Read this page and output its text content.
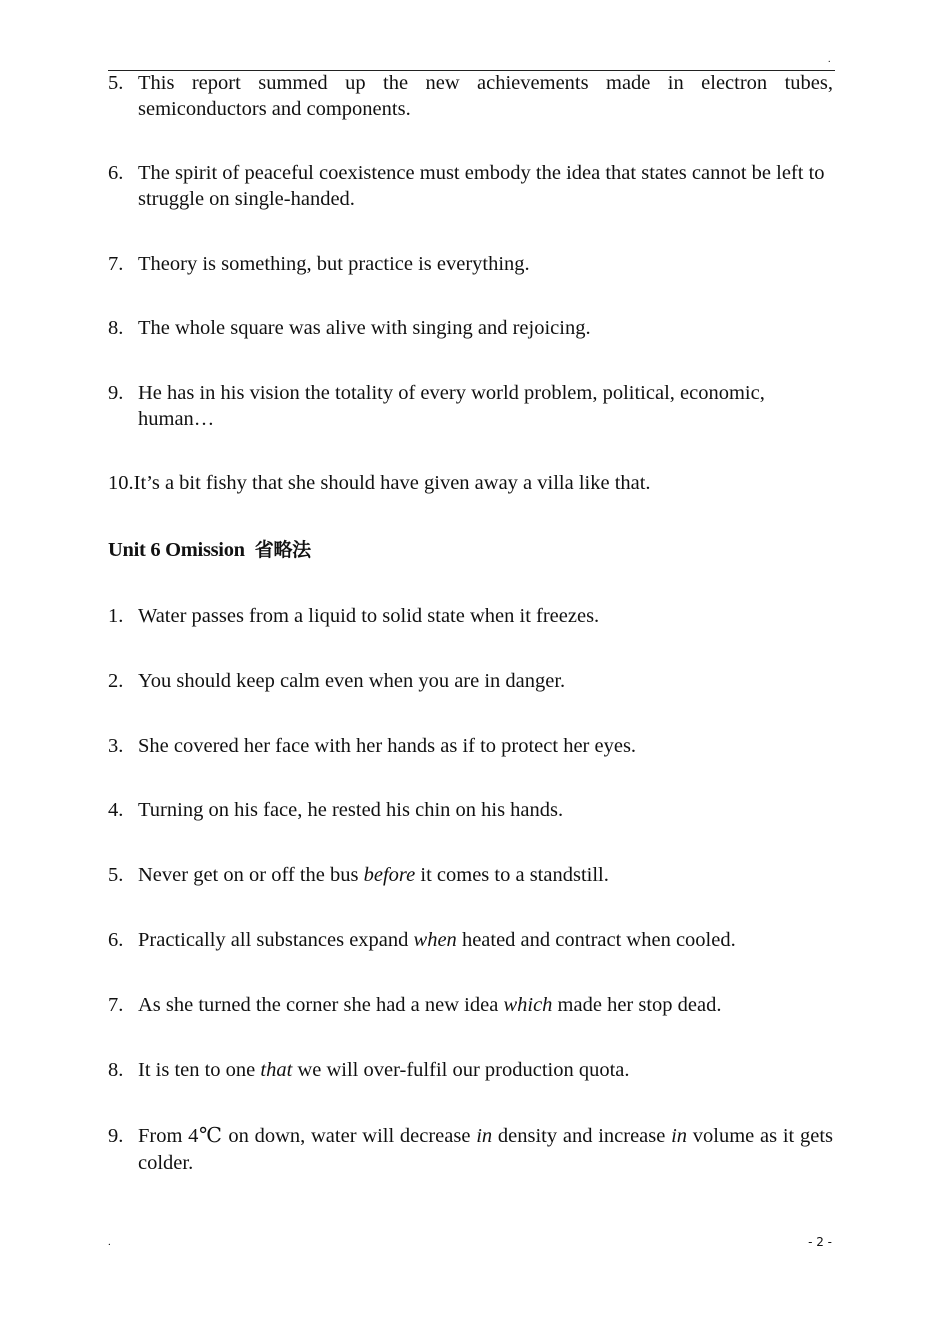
.
5. This report summed up the new achievements made in electron tubes, semiconductors and components.
6. The spirit of peaceful coexistence must embody the idea that states cannot be left to struggle on single-handed.
7. Theory is something, but practice is everything.
8. The whole square was alive with singing and rejoicing.
9. He has in his vision the totality of every world problem, political, economic, human…
10.It’s a bit fishy that she should have given away a villa like that.
Unit 6 Omission 省略法
1. Water passes from a liquid to solid state when it freezes.
2. You should keep calm even when you are in danger.
3. She covered her face with her hands as if to protect her eyes.
4. Turning on his face, he rested his chin on his hands.
5. Never get on or off the bus before it comes to a standstill.
6. Practically all substances expand when heated and contract when cooled.
7. As she turned the corner she had a new idea which made her stop dead.
8. It is ten to one that we will over-fulfil our production quota.
9. From 4℃ on down, water will decrease in density and increase in volume as it gets colder.
.	- 2 -
